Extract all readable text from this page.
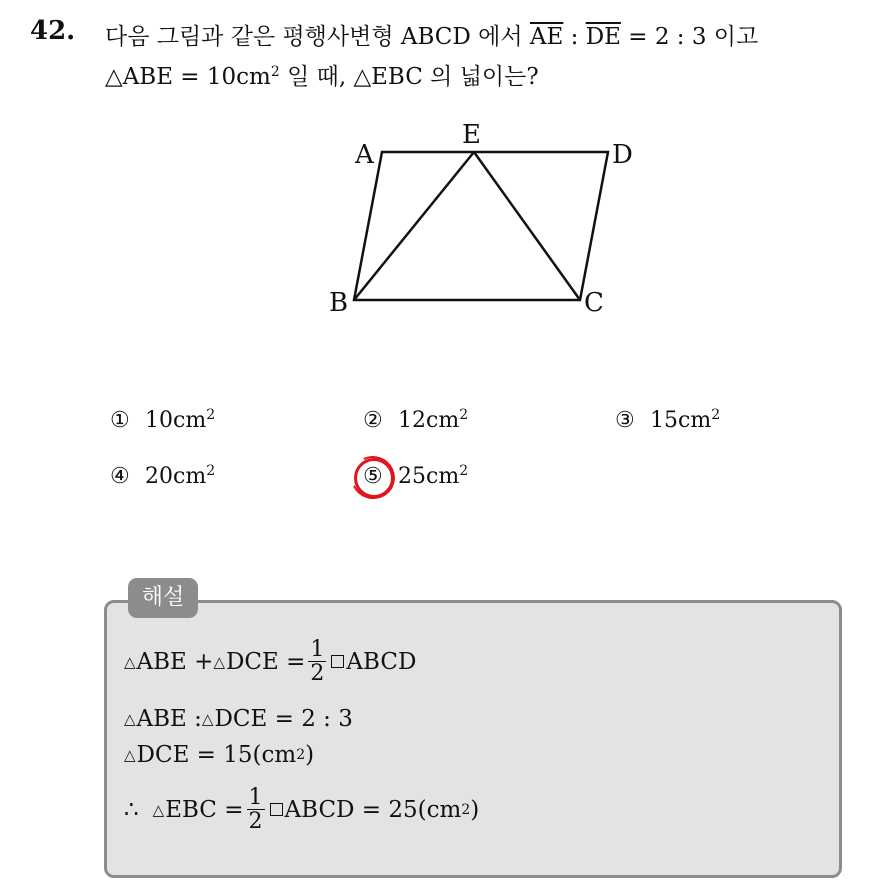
42. 다음 그림과 같은 평행사변형 ABCD 에서 $\overline{AE}$ : $\overline{DE} = 2$ : 3 이고
△ABE = $10cm^2$ 일 때, △EBC 의 넓이는?
A
E
D
B	C
① $10cm^2$	② $12cm^2$	③ $15cm^2$
④ $20cm^2$	⑤ $25cm^2$
해설
△ ABE + △ DCE = $\frac{1}{2}$ ABCD
△ ABE : △ DCE = 2 : 3
△ DCE = 15(cm 2 )
∴ △ EBC = $\frac{1}{2}$ ABCD = 25(cm 2 )
